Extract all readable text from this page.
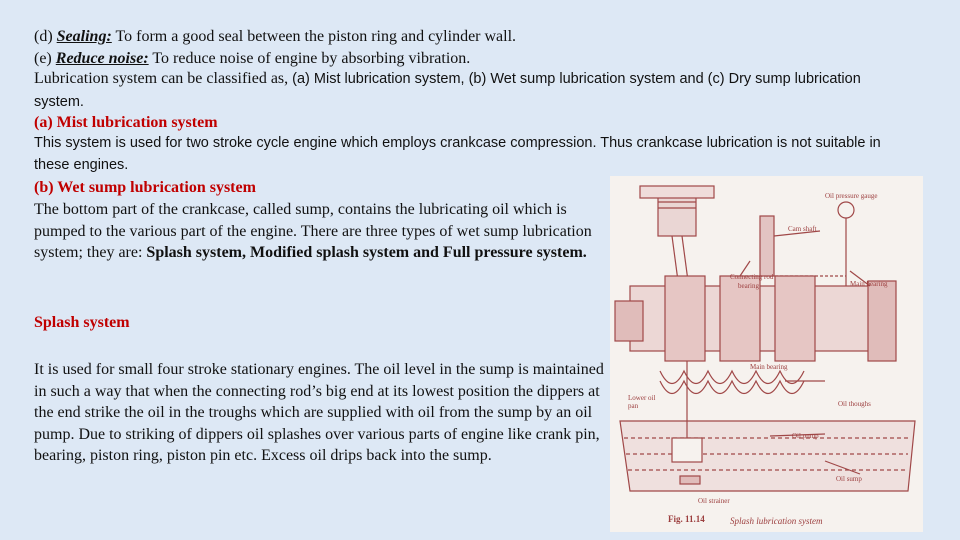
(d) Sealing: To form a good seal between the piston ring and cylinder wall.

(e) Reduce noise: To reduce noise of engine by absorbing vibration.

Lubrication system can be classified as, (a) Mist lubrication system, (b) Wet sump lubrication system and (c) Dry sump lubrication system.

(a) Mist lubrication system

This system is used for two stroke cycle engine which employs crankcase compression. Thus crankcase lubrication is not suitable in these engines.

(b) Wet sump lubrication system

The bottom part of the crankcase, called sump, contains the lubricating oil which is pumped to the various part of the engine. There are three types of wet sump lubrication system; they are: Splash system, Modified splash system and Full pressure system.

Splash system

It is used for small four stroke stationary engines. The oil level in the sump is maintained in such a way that when the connecting rod’s big end at its lowest position the dippers at the end strike the oil in the troughs which are supplied with oil from the sump by an oil pump. Due to striking of dippers oil splashes over various parts of engine like crank pin, bearing, piston ring, piston pin etc. Excess oil drips back into the sump.

Oil pressure gauge
Cam shaft
Connecting rod
bearing	Main bearing
Main bearing
Lower oil
pan	Oil thoughs
Oil pump
Oil sump
Oil strainer
Fig. 11.14	Splash lubrication system
